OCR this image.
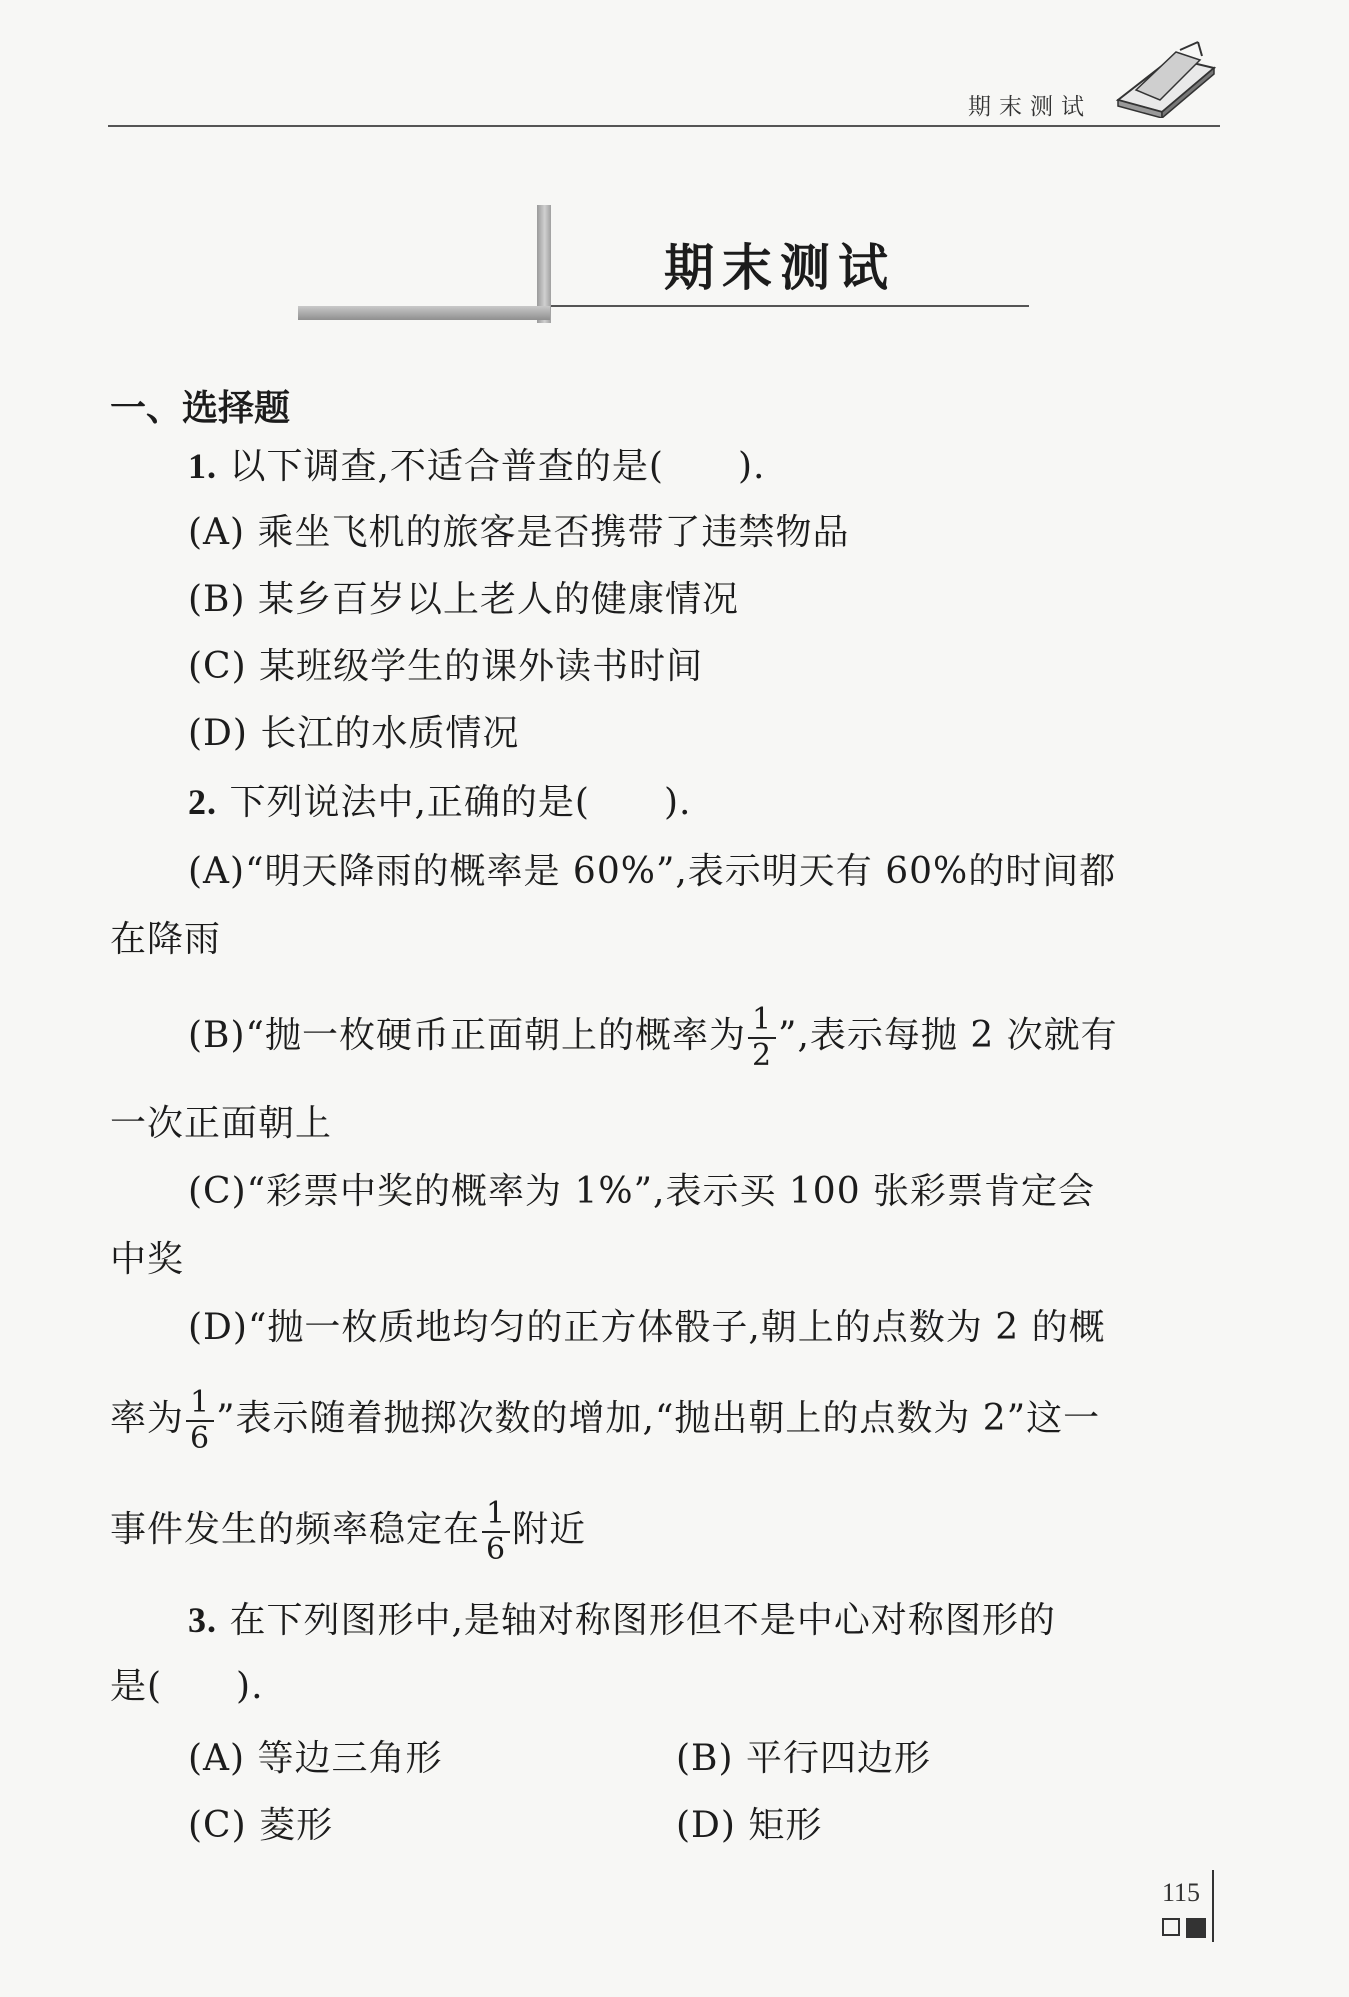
期末测试
期末测试
一、选择题
1. 以下调查,不适合普查的是(　　).
(A) 乘坐飞机的旅客是否携带了违禁物品
(B) 某乡百岁以上老人的健康情况
(C) 某班级学生的课外读书时间
(D) 长江的水质情况
2. 下列说法中,正确的是(　　).
(A)“明天降雨的概率是 60%”,表示明天有 60%的时间都
在降雨
(B)“抛一枚硬币正面朝上的概率为 $\frac{1}{2}$ ”,表示每抛 2 次就有
一次正面朝上
(C)“彩票中奖的概率为 1%”,表示买 100 张彩票肯定会
中奖
(D)“抛一枚质地均匀的正方体骰子,朝上的点数为 2 的概
率为 $\frac{1}{6}$ ”表示随着抛掷次数的增加,“抛出朝上的点数为 2”这一
事件发生的频率稳定在 $\frac{1}{6}$ 附近
3. 在下列图形中,是轴对称图形但不是中心对称图形的
是(　　).
(A) 等边三角形	(B) 平行四边形
(C) 菱形	(D) 矩形
115
